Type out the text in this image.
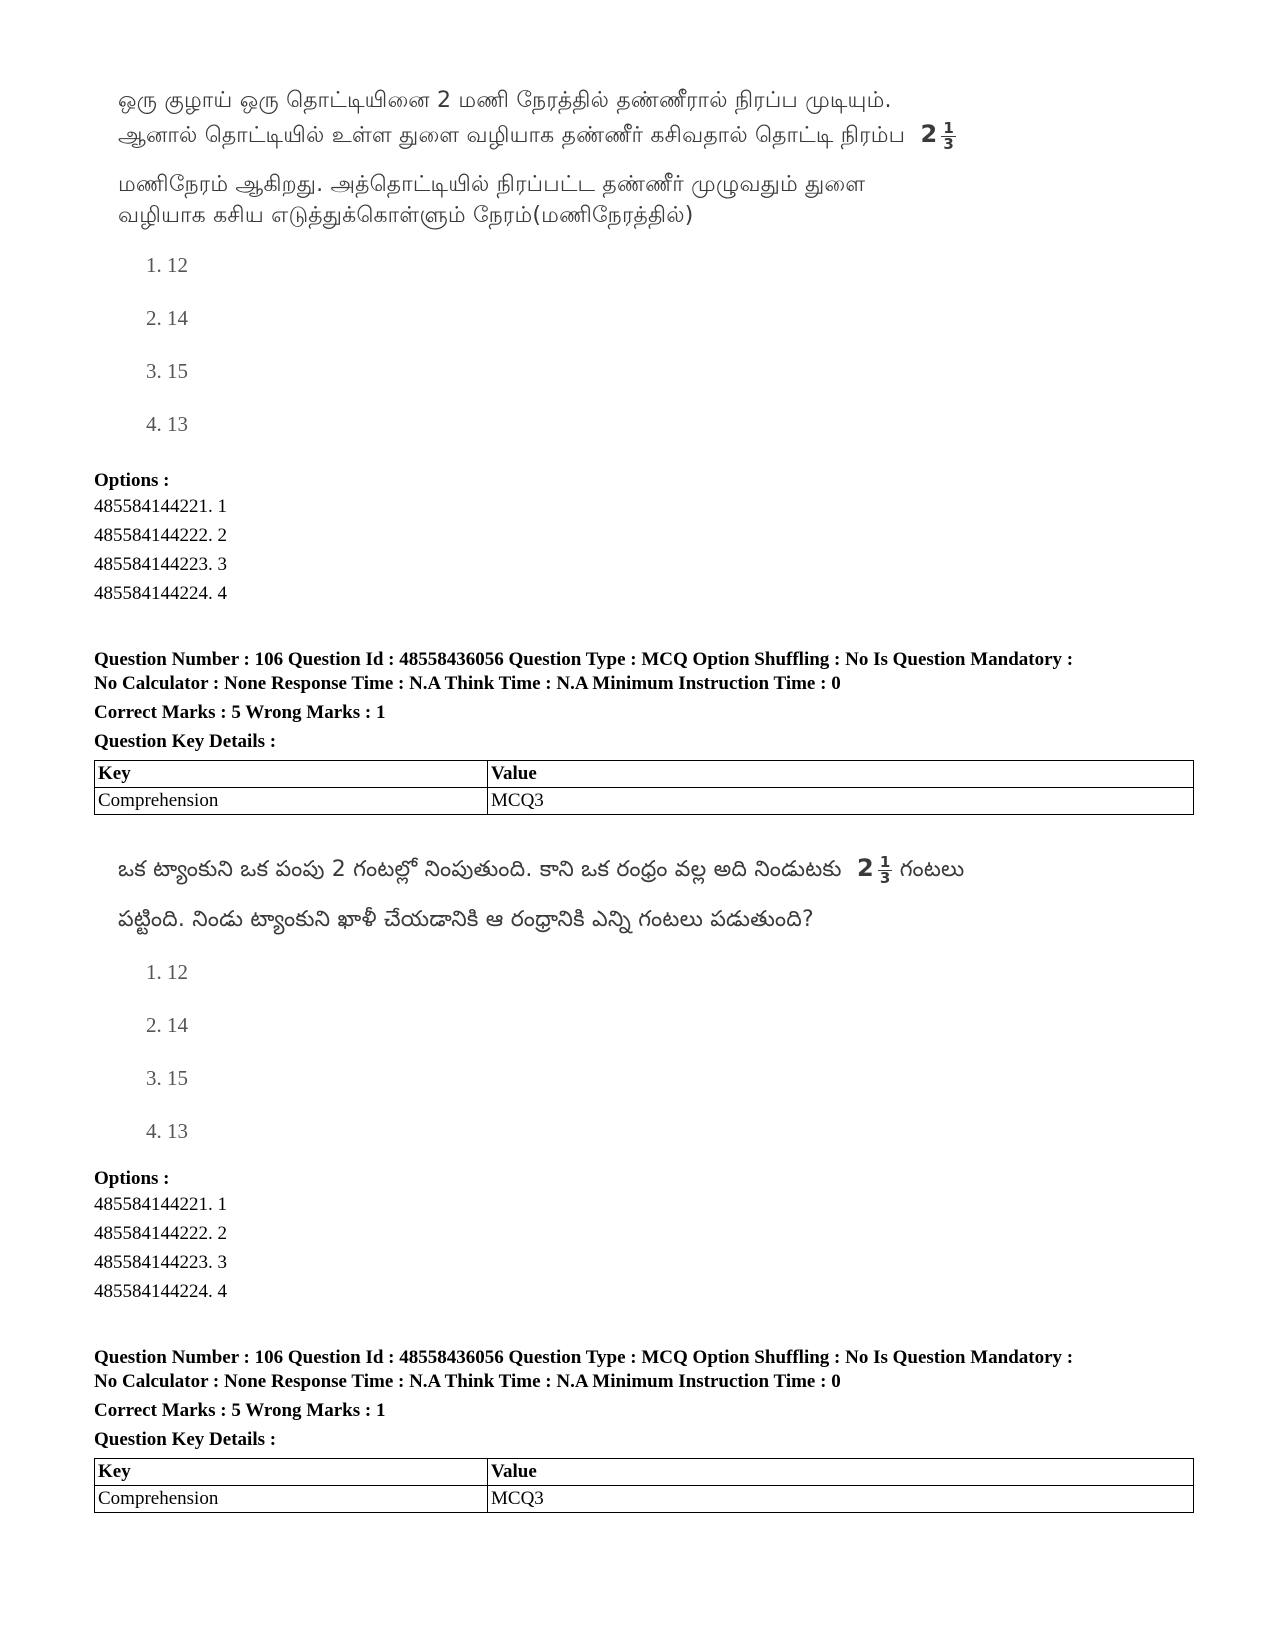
ஒரு குழாய் ஒரு தொட்டியினை 2 மணி நேரத்தில் தண்ணீரால் நிரப்ப முடியும்.
ஆனால் தொட்டியில் உள்ள துளை வழியாக தண்ணீர் கசிவதால் தொட்டி நிரம்ப $2 \frac{1}{3}$
மணிநேரம் ஆகிறது. அத்தொட்டியில் நிரப்பட்ட தண்ணீர் முழுவதும் துளை
வழியாக கசிய எடுத்துக்கொள்ளும் நேரம்(மணிநேரத்தில்)
1. 12
2. 14
3. 15
4. 13

Options :

485584144221. 1

485584144222. 2

485584144223. 3

485584144224. 4

Question Number : 106 Question Id : 48558436056 Question Type : MCQ Option Shuffling : No Is Question Mandatory :

No Calculator : None Response Time : N.A Think Time : N.A Minimum Instruction Time : 0

Correct Marks : 5 Wrong Marks : 1

Question Key Details :

Key	Value
Comprehension	MCQ3
ఒక ట్యాంకుని ఒక పంపు 2 గంటల్లో నింపుతుంది. కాని ఒక రంధ్రం వల్ల అది నిండుటకు $2 \frac{1}{3}$ గంటలు
పట్టింది. నిండు ట్యాంకుని ఖాళీ చేయడానికి ఆ రంధ్రానికి ఎన్ని గంటలు పడుతుంది?
1. 12
2. 14
3. 15
4. 13

Options :

485584144221. 1

485584144222. 2

485584144223. 3

485584144224. 4

Question Number : 106 Question Id : 48558436056 Question Type : MCQ Option Shuffling : No Is Question Mandatory :

No Calculator : None Response Time : N.A Think Time : N.A Minimum Instruction Time : 0

Correct Marks : 5 Wrong Marks : 1

Question Key Details :

Key	Value
Comprehension	MCQ3
